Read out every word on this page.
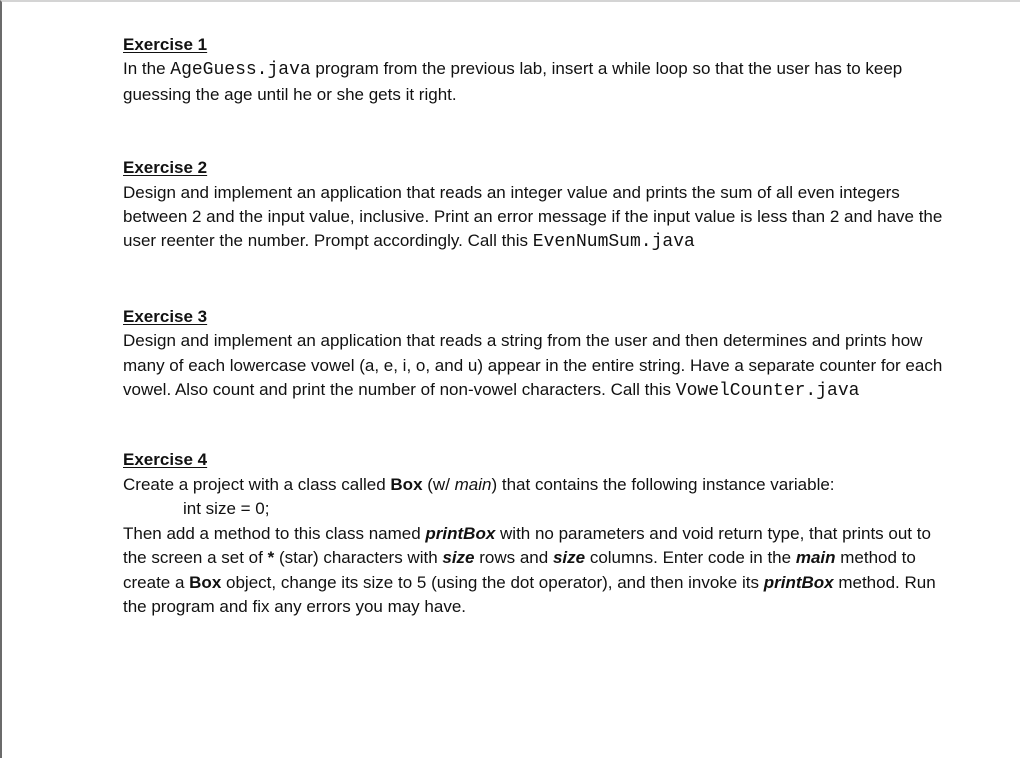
Exercise 1

In the AgeGuess.java program from the previous lab, insert a while loop so that the user has to keep guessing the age until he or she gets it right.

Exercise 2

Design and implement an application that reads an integer value and prints the sum of all even integers between 2 and the input value, inclusive. Print an error message if the input value is less than 2 and have the user reenter the number. Prompt accordingly. Call this EvenNumSum.java

Exercise 3

Design and implement an application that reads a string from the user and then determines and prints how many of each lowercase vowel (a, e, i, o, and u) appear in the entire string. Have a separate counter for each vowel. Also count and print the number of non-vowel characters. Call this VowelCounter.java

Exercise 4

Create a project with a class called Box (w/ main) that contains the following instance variable:

int size = 0;

Then add a method to this class named printBox with no parameters and void return type, that prints out to the screen a set of * (star) characters with size rows and size columns. Enter code in the main method to create a Box object, change its size to 5 (using the dot operator), and then invoke its printBox method. Run the program and fix any errors you may have.
